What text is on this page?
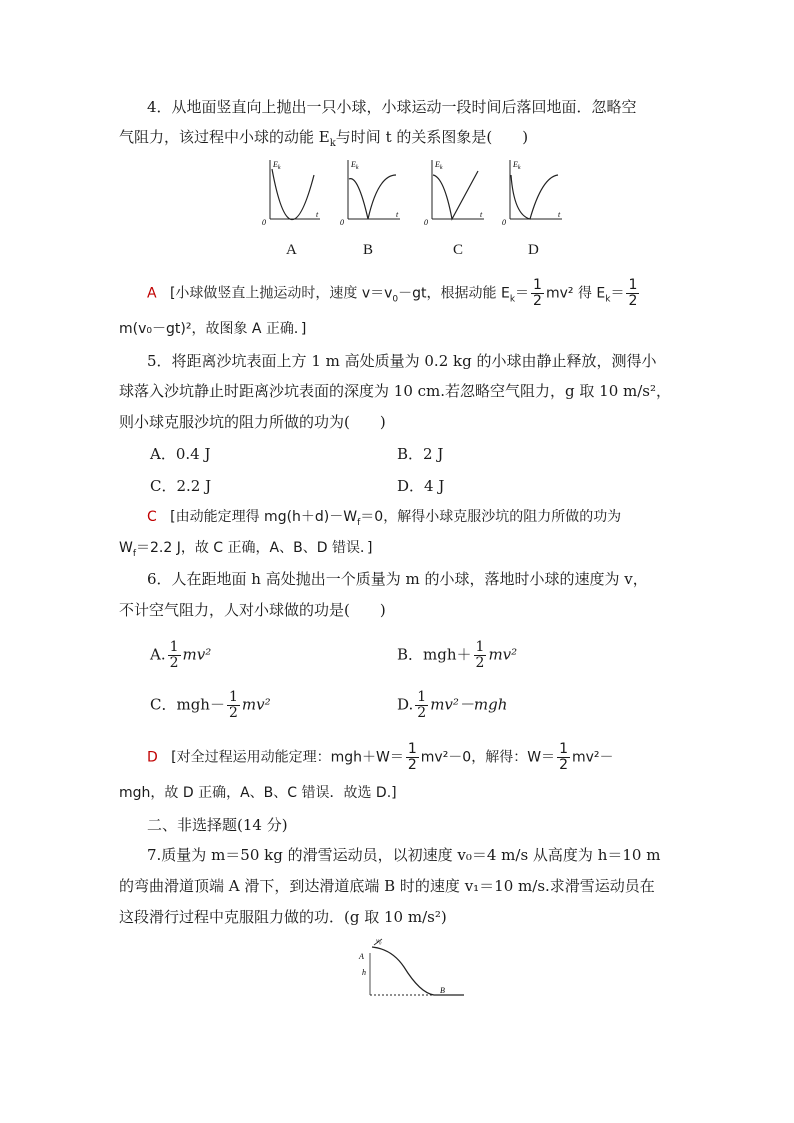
4．从地面竖直向上抛出一只小球，小球运动一段时间后落回地面．忽略空
气阻力，该过程中小球的动能 $E_k$与时间 t 的关系图象是(　　)
$E_k$
t
0
$E_k$
t
0
$E_k$
t
0
$E_k$
t
0
A	B	C	D
A [小球做竖直上抛运动时，速度 $v=v_0-gt$，根据动能 $E_k= \frac{1}{2} mv^2$ 得 $E_k= \frac{1}{2}$
m(v₀－gt)²，故图象 A 正确．]
5．将距离沙坑表面上方 1 m 高处质量为 0.2 kg 的小球由静止释放，测得小
球落入沙坑静止时距离沙坑表面的深度为 10 cm.若忽略空气阻力，g 取 10 m/s²，
则小球克服沙坑的阻力所做的功为(　　)
A．0.4 J	B．2 J
C．2.2 J	D．4 J
C [由动能定理得 $mg(h+d)-W_f=0$，解得小球克服沙坑的阻力所做的功为
$W_f=2.2$ J，故 C 正确，A、B、D 错误．]
6．人在距地面 h 高处抛出一个质量为 m 的小球，落地时小球的速度为 v，
不计空气阻力，人对小球做的功是(　　)
A. $\frac{1}{2} mv^2$	B．$mgh+ \frac{1}{2} mv^2$
C．$mgh- \frac{1}{2} mv^2$	D. $\frac{1}{2} mv^2-mgh$
D [对全过程运用动能定理：$mgh+W= \frac{1}{2} mv^2-0$，解得：$W= \frac{1}{2} mv^2-$
mgh，故 D 正确，A、B、C 错误．故选 D.]
二、非选择题(14 分)
7.质量为 m＝50 kg 的滑雪运动员，以初速度 v₀＝4 m/s 从高度为 h＝10 m
的弯曲滑道顶端 A 滑下，到达滑道底端 B 时的速度 v₁＝10 m/s.求滑雪运动员在
这段滑行过程中克服阻力做的功．(g 取 10 m/s²)
v₀
A
h
B
